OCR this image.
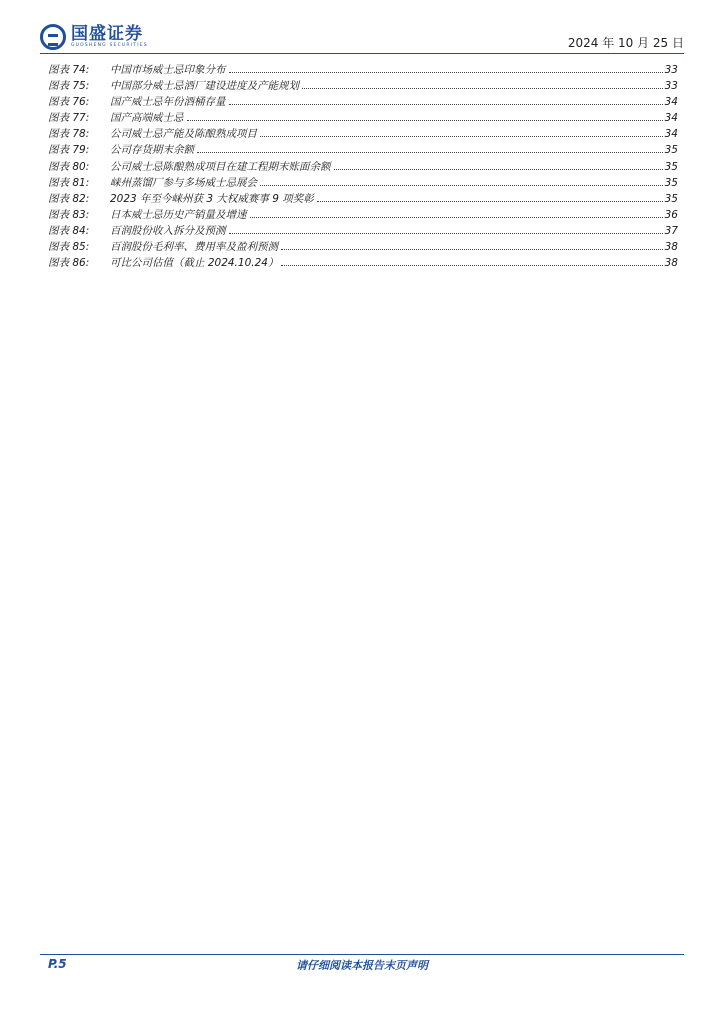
国盛证券
GUOSHENG SECURITIES	2024 年 10 月 25 日
图表 74:	中国市场威士忌印象分布	33
图表 75:	中国部分威士忌酒厂建设进度及产能规划	33
图表 76:	国产威士忌年份酒桶存量	34
图表 77:	国产高端威士忌	34
图表 78:	公司威士忌产能及陈酿熟成项目	34
图表 79:	公司存货期末余额	35
图表 80:	公司威士忌陈酿熟成项目在建工程期末账面余额	35
图表 81:	崃州蒸馏厂参与多场威士忌展会	35
图表 82:	2023 年至今崃州获 3 大权威赛事 9 项奖彰	35
图表 83:	日本威士忌历史产销量及增速	36
图表 84:	百润股份收入拆分及预测	37
图表 85:	百润股份毛利率、费用率及盈利预测	38
图表 86:	可比公司估值（截止 2024.10.24）	38
P.5	请仔细阅读本报告末页声明
